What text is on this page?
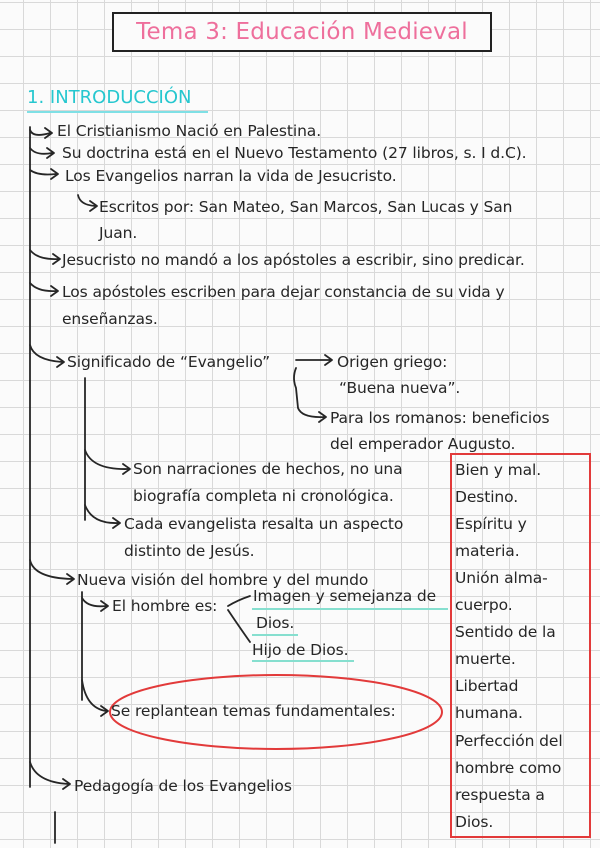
Tema 3: Educación Medieval
1. INTRODUCCIÓN
El Cristianismo Nació en Palestina.
Su doctrina está en el Nuevo Testamento (27 libros, s. I d.C).
Los Evangelios narran la vida de Jesucristo.
Escritos por: San Mateo, San Marcos, San Lucas y San
Juan.
Jesucristo no mandó a los apóstoles a escribir, sino predicar.
Los apóstoles escriben para dejar constancia de su vida y
enseñanzas.
Significado de “Evangelio”	Origen griego:
“Buena nueva”.
Para los romanos: beneficios
del emperador Augusto.
Son narraciones de hechos, no una
biografía completa ni cronológica.
Cada evangelista resalta un aspecto
distinto de Jesús.
Nueva visión del hombre y del mundo
El hombre es:
Imagen y semejanza de
Dios.
Hijo de Dios.
Se replantean temas fundamentales:
Pedagogía de los Evangelios
Bien y mal.
Destino.
Espíritu y
materia.
Unión alma-
cuerpo.
Sentido de la
muerte.
Libertad
humana.
Perfección del
hombre como
respuesta a
Dios.
